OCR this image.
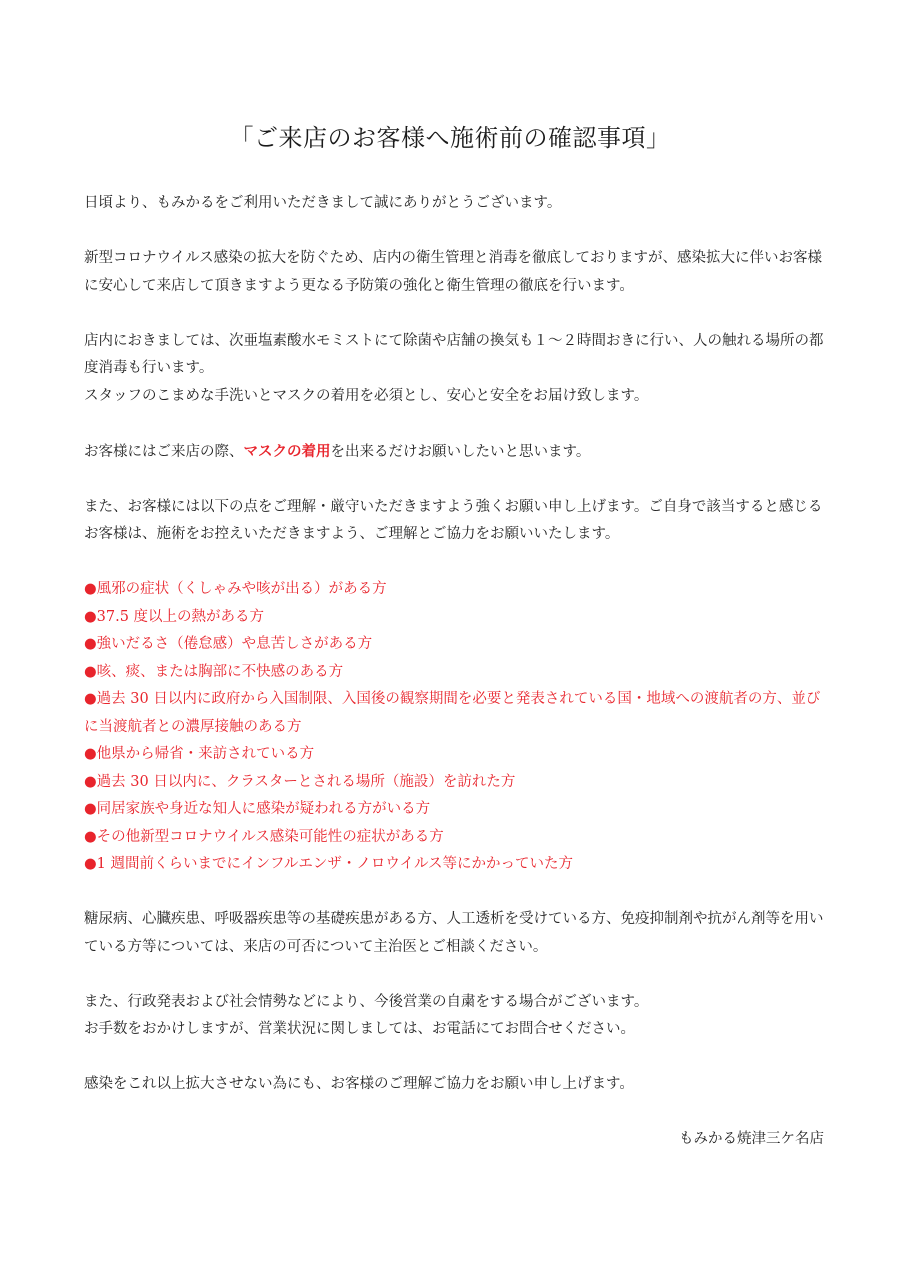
「ご来店のお客様へ施術前の確認事項」

日頃より、もみかるをご利用いただきまして誠にありがとうございます。

新型コロナウイルス感染の拡大を防ぐため、店内の衛生管理と消毒を徹底しておりますが、感染拡大に伴いお客様に安心して来店して頂きますよう更なる予防策の強化と衛生管理の徹底を行います。

店内におきましては、次亜塩素酸水モミストにて除菌や店舗の換気も１〜２時間おきに行い、人の触れる場所の都度消毒も行います。
スタッフのこまめな手洗いとマスクの着用を必須とし、安心と安全をお届け致します。

お客様にはご来店の際、マスクの着用を出来るだけお願いしたいと思います。

また、お客様には以下の点をご理解・厳守いただきますよう強くお願い申し上げます。ご自身で該当すると感じるお客様は、施術をお控えいただきますよう、ご理解とご協力をお願いいたします。

●風邪の症状（くしゃみや咳が出る）がある方
●37.5 度以上の熱がある方
●強いだるさ（倦怠感）や息苦しさがある方
●咳、痰、または胸部に不快感のある方
●過去 30 日以内に政府から入国制限、入国後の観察期間を必要と発表されている国・地域への渡航者の方、並びに当渡航者との濃厚接触のある方
●他県から帰省・来訪されている方
●過去 30 日以内に、クラスターとされる場所（施設）を訪れた方
●同居家族や身近な知人に感染が疑われる方がいる方
●その他新型コロナウイルス感染可能性の症状がある方
●1 週間前くらいまでにインフルエンザ・ノロウイルス等にかかっていた方

糖尿病、心臓疾患、呼吸器疾患等の基礎疾患がある方、人工透析を受けている方、免疫抑制剤や抗がん剤等を用いている方等については、来店の可否について主治医とご相談ください。

また、行政発表および社会情勢などにより、今後営業の自粛をする場合がございます。
お手数をおかけしますが、営業状況に関しましては、お電話にてお問合せください。

感染をこれ以上拡大させない為にも、お客様のご理解ご協力をお願い申し上げます。

もみかる焼津三ケ名店
